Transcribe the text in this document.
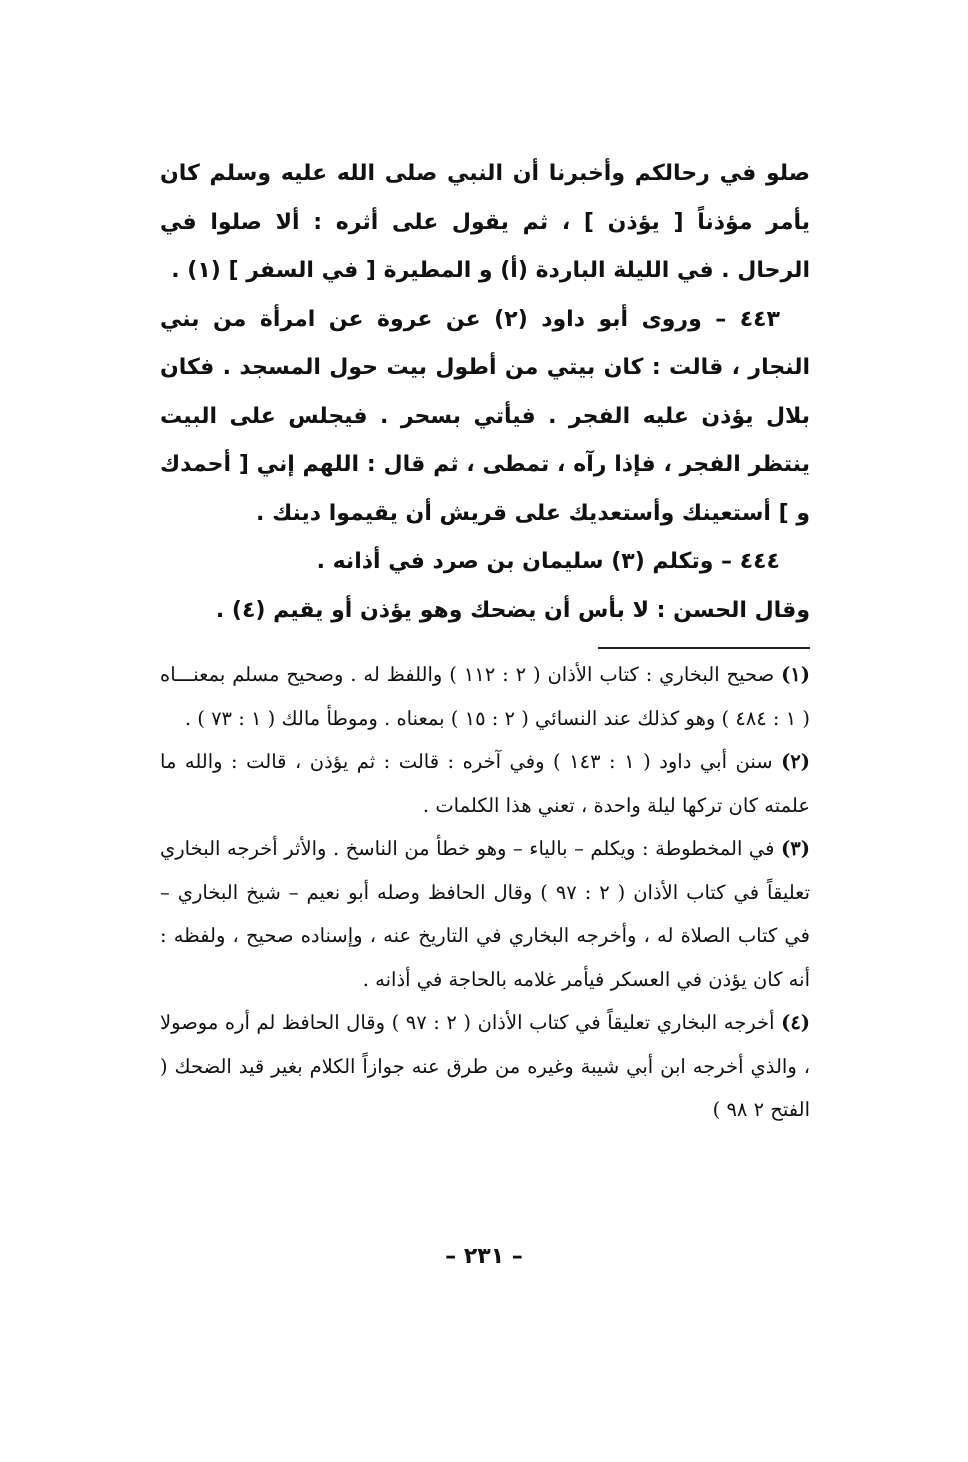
صلو في رحالكم وأخبرنا أن النبي صلى الله عليه وسلم كان يأمر مؤذناً [ يؤذن ] ، ثم يقول على أثره : ألا صلوا في الرحال . في الليلة الباردة (أ) و المطيرة [ في السفر ] (١) .

٤٤٣ – وروى أبو داود (٢) عن عروة عن امرأة من بني النجار ، قالت : كان بيتي من أطول بيت حول المسجد . فكان بلال يؤذن عليه الفجر . فيأتي بسحر . فيجلس على البيت ينتظر الفجر ، فإذا رآه ، تمطى ، ثم قال : اللهم إني [ أحمدك و ] أستعينك وأستعديك على قريش أن يقيموا دينك .

٤٤٤ – وتكلم (٣) سليمان بن صرد في أذانه .

وقال الحسن : لا بأس أن يضحك وهو يؤذن أو يقيم (٤) .

(١) صحيح البخاري : كتاب الأذان ( ٢ : ١١٢ ) واللفظ له . وصحيح مسلم بمعنـــاه ( ١ : ٤٨٤ ) وهو كذلك عند النسائي ( ٢ : ١٥ ) بمعناه . وموطأ مالك ( ١ : ٧٣ ) .

(٢) سنن أبي داود ( ١ : ١٤٣ ) وفي آخره : قالت : ثم يؤذن ، قالت : والله ما علمته كان تركها ليلة واحدة ، تعني هذا الكلمات .

(٣) في المخطوطة : ويكلم – بالياء – وهو خطأ من الناسخ . والأثر أخرجه البخاري تعليقاً في كتاب الأذان ( ٢ : ٩٧ ) وقال الحافظ وصله أبو نعيم – شيخ البخاري – في كتاب الصلاة له ، وأخرجه البخاري في التاريخ عنه ، وإسناده صحيح ، ولفظه : أنه كان يؤذن في العسكر فيأمر غلامه بالحاجة في أذانه .

(٤) أخرجه البخاري تعليقاً في كتاب الأذان ( ٢ : ٩٧ ) وقال الحافظ لم أره موصولا ، والذي أخرجه ابن أبي شيبة وغيره من طرق عنه جوازاً الكلام بغير قيد الضحك ( الفتح ٢ ٩٨ )

– ٢٣١ –
